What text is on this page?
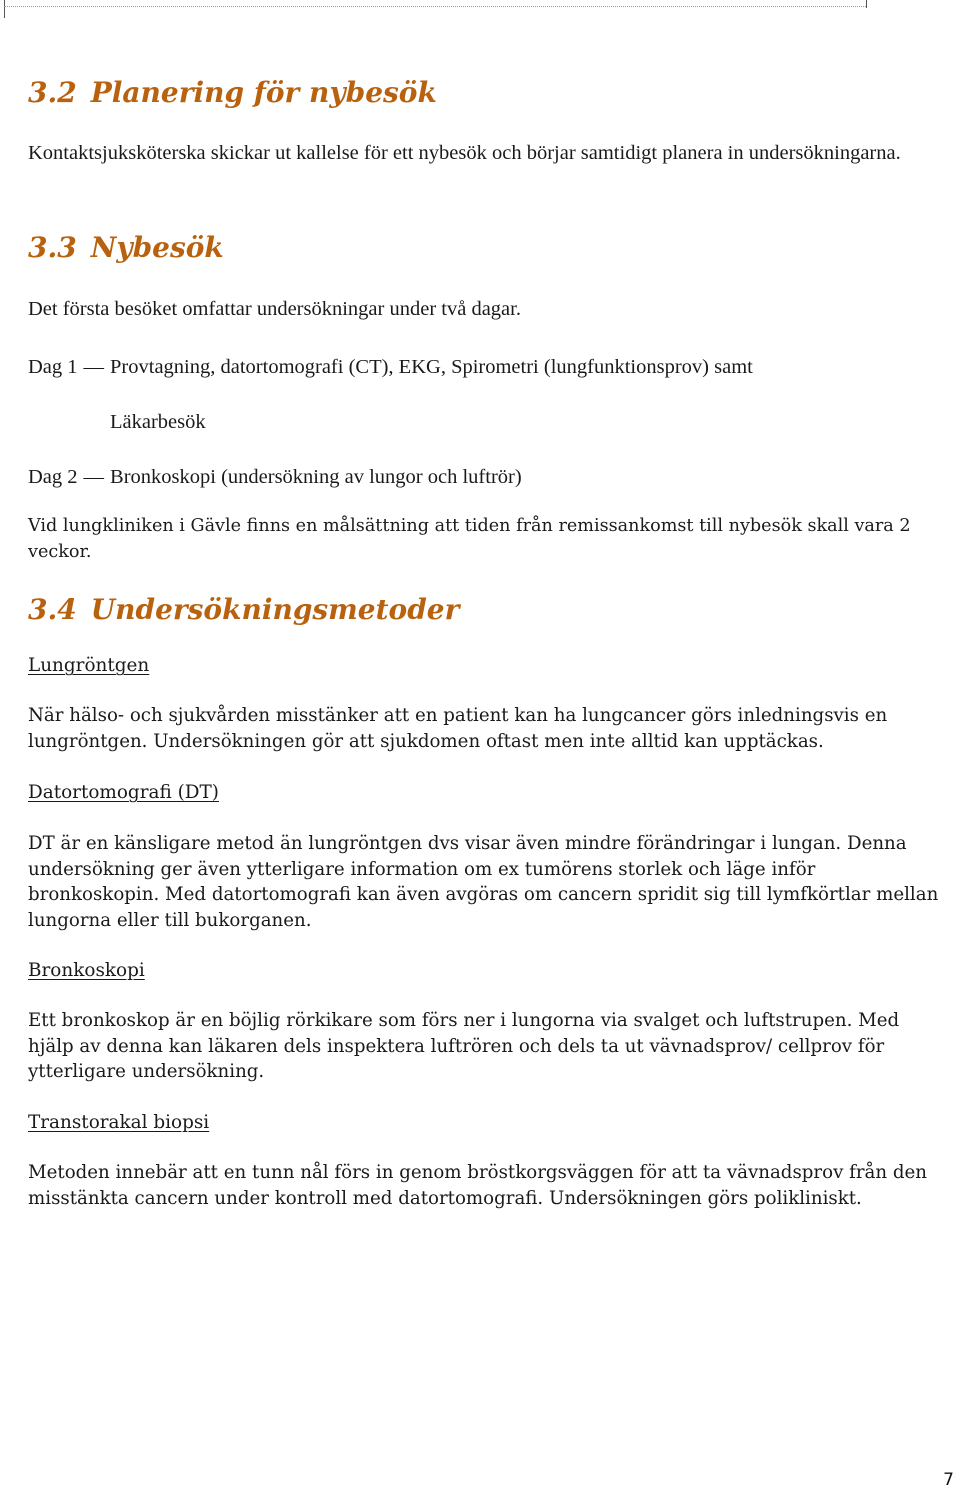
3.2 Planering för nybesök

Kontaktsjuksköterska skickar ut kallelse för ett nybesök och börjar samtidigt planera in undersökningarna.

3.3 Nybesök

Det första besöket omfattar undersökningar under två dagar.

Dag 1 — Provtagning, datortomografi (CT), EKG, Spirometri (lungfunktionsprov) samt

Läkarbesök

Dag 2 — Bronkoskopi (undersökning av lungor och luftrör)

Vid lungkliniken i Gävle finns en målsättning att tiden från remissankomst till nybesök skall vara 2 veckor.

3.4 Undersökningsmetoder
Lungröntgen

När hälso- och sjukvården misstänker att en patient kan ha lungcancer görs inledningsvis en lungröntgen. Undersökningen gör att sjukdomen oftast men inte alltid kan upptäckas.

Datortomografi (DT)

DT är en känsligare metod än lungröntgen dvs visar även mindre förändringar i lungan. Denna undersökning ger även ytterligare information om ex tumörens storlek och läge inför bronkoskopin. Med datortomografi kan även avgöras om cancern spridit sig till lymfkörtlar mellan lungorna eller till bukorganen.

Bronkoskopi

Ett bronkoskop är en böjlig rörkikare som förs ner i lungorna via svalget och luftstrupen. Med hjälp av denna kan läkaren dels inspektera luftrören och dels ta ut vävnadsprov/ cellprov för ytterligare undersökning.

Transtorakal biopsi

Metoden innebär att en tunn nål förs in genom bröstkorgsväggen för att ta vävnadsprov från den misstänkta cancern under kontroll med datortomografi. Undersökningen görs polikliniskt.

7
